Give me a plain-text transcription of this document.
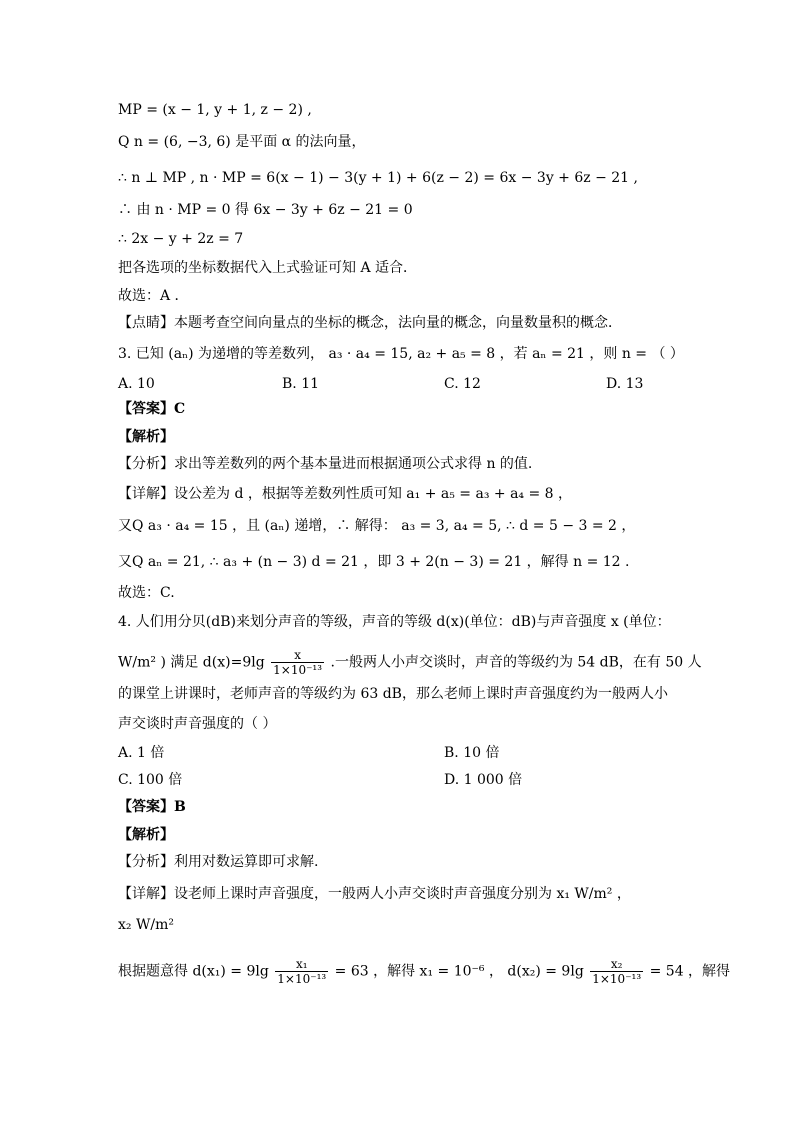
MP = (x − 1, y + 1, z − 2) ,
Q n = (6, −3, 6) 是平面 α 的法向量，
∴ n ⊥ MP , n · MP = 6(x − 1) − 3(y + 1) + 6(z − 2) = 6x − 3y + 6z − 21 ,
∴ 由 n · MP = 0 得 6x − 3y + 6z − 21 = 0
∴ 2x − y + 2z = 7
把各选项的坐标数据代入上式验证可知 A 适合．
故选：A ．
【点睛】本题考查空间向量点的坐标的概念，法向量的概念，向量数量积的概念．
3. 已知 (aₙ) 为递增的等差数列， a₃ · a₄ = 15, a₂ + a₅ = 8 ，若 aₙ = 21 ，则 n = （ ）
A. 10	B. 11	C. 12	D. 13
【答案】C
【解析】
【分析】求出等差数列的两个基本量进而根据通项公式求得 n 的值.
【详解】设公差为 d ，根据等差数列性质可知 a₁ + a₅ = a₃ + a₄ = 8 ，
又Q a₃ · a₄ = 15 ，且 (aₙ) 递增，∴ 解得： a₃ = 3, a₄ = 5, ∴ d = 5 − 3 = 2 ，
又Q aₙ = 21, ∴ a₃ + (n − 3) d = 21 ，即 3 + 2(n − 3) = 21 ，解得 n = 12 .
故选：C.
4. 人们用分贝(dB)来划分声音的等级，声音的等级 d(x)(单位：dB)与声音强度 x (单位：
W/m² ) 满足 $d(x)=9\lg \frac{x}{\text{1×10⁻¹³}}$ .一般两人小声交谈时，声音的等级约为 54 dB，在有 50 人
的课堂上讲课时，老师声音的等级约为 63 dB，那么老师上课时声音强度约为一般两人小
声交谈时声音强度的（ ）
A. 1 倍	B. 10 倍
C. 100 倍	D. 1 000 倍
【答案】B
【解析】
【分析】利用对数运算即可求解.
【详解】设老师上课时声音强度，一般两人小声交谈时声音强度分别为 x₁ W/m² ，
x₂ W/m²
根据题意得 $d(x_1) = 9\lg \frac{\text{x₁}}{\text{1×10⁻¹³}} = 63$ ，解得 x₁ = 10⁻⁶ ， $d(x_2) = 9\lg \frac{\text{x₂}}{\text{1×10⁻¹³}} = 54$ ，解得
